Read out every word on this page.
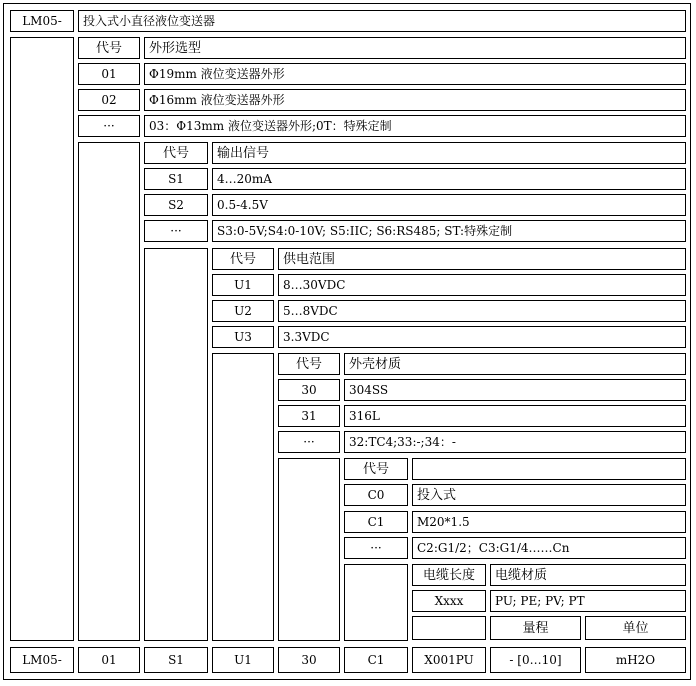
LM05- 投入式小直径液位变送器
代号 外形选型
01	Φ19mm 液位变送器外形
02	Φ16mm 液位变送器外形
···	03：Φ13mm 液位变送器外形;0T：特殊定制
代号 输出信号
S1	4…20mA
S2	0.5-4.5V
···	S3:0-5V;S4:0-10V; S5:IIC; S6:RS485; ST:特殊定制
代号 供电范围
U1	8…30VDC
U2	5…8VDC
U3	3.3VDC
代号 外壳材质
30	304SS
31	316L
···	32:TC4;33:-;34：-
代号
C0	投入式
C1	M20*1.5
···	C2:G1/2；C3:G1/4……Cn
电缆长度 电缆材质
Xxxx	PU; PE; PV; PT
量程	单位
LM05-	01	S1	U1	30	C1	X001PU	- [0…10]	mH2O
